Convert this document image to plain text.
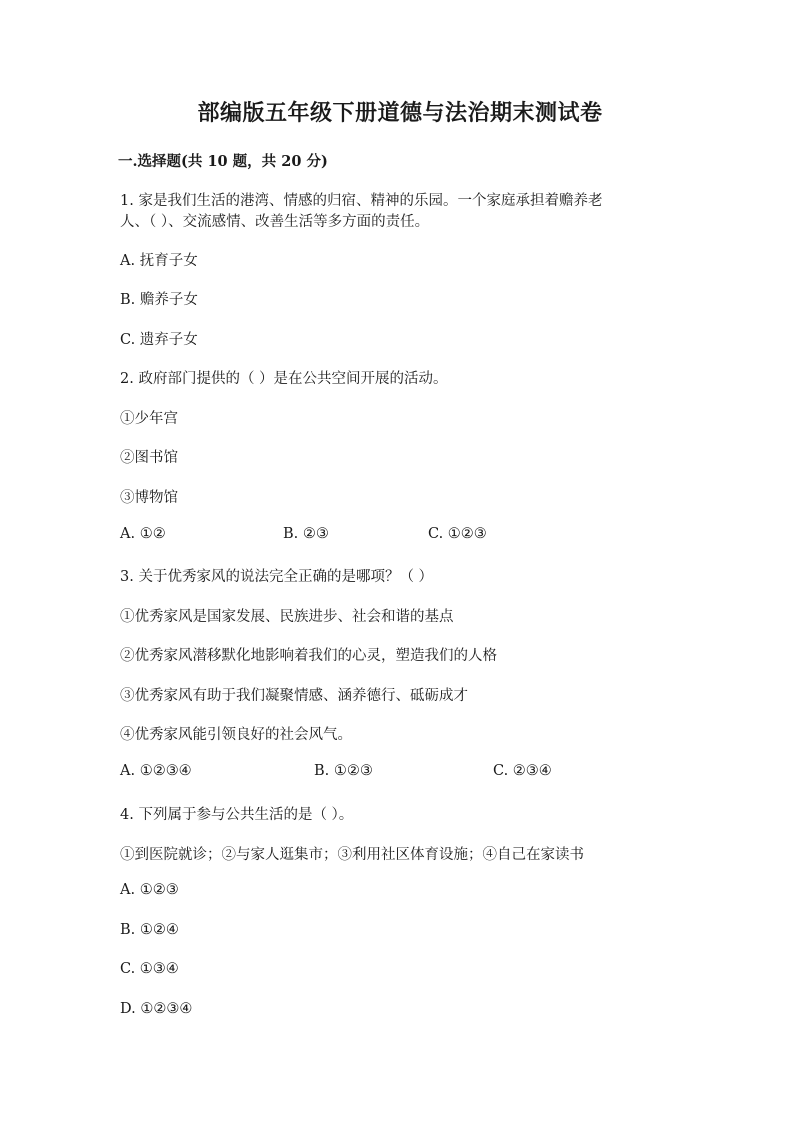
部编版五年级下册道德与法治期末测试卷
一.选择题(共 10 题，共 20 分)
1. 家是我们生活的港湾、情感的归宿、精神的乐园。一个家庭承担着赡养老
人、（ ）、交流感情、改善生活等多方面的责任。
A. 抚育子女
B. 赡养子女
C. 遗弃子女
2. 政府部门提供的（ ）是在公共空间开展的活动。
①少年宫
②图书馆
③博物馆
A. ①②	B. ②③	C. ①②③
3. 关于优秀家风的说法完全正确的是哪项？（ ）
①优秀家风是国家发展、民族进步、社会和谐的基点
②优秀家风潜移默化地影响着我们的心灵，塑造我们的人格
③优秀家风有助于我们凝聚情感、涵养德行、砥砺成才
④优秀家风能引领良好的社会风气。
A. ①②③④	B. ①②③	C. ②③④
4. 下列属于参与公共生活的是（ ）。
①到医院就诊；②与家人逛集市；③利用社区体育设施；④自己在家读书
A. ①②③
B. ①②④
C. ①③④
D. ①②③④
